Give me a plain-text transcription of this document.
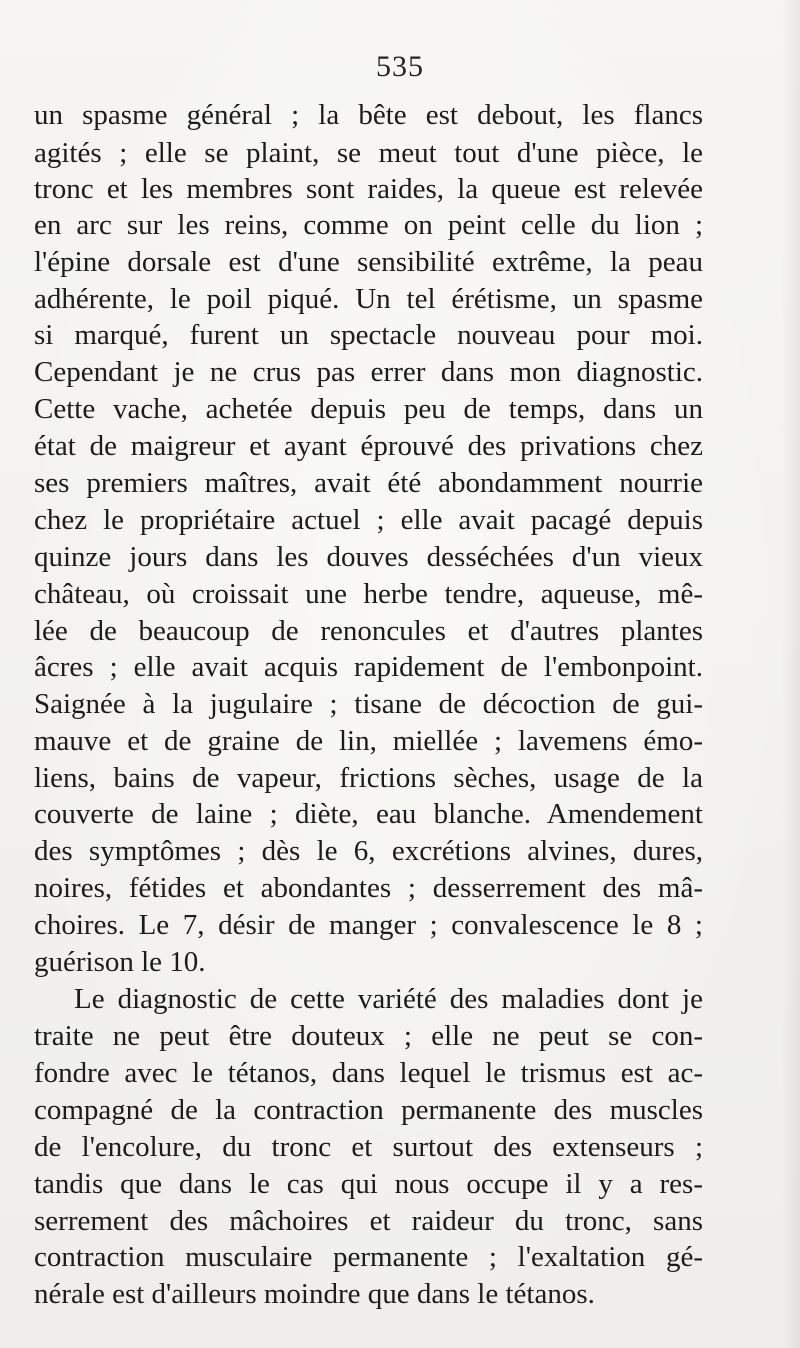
535
un spasme général ; la bête est debout, les flancs
agités ; elle se plaint, se meut tout d'une pièce, le
tronc et les membres sont raides, la queue est relevée
en arc sur les reins, comme on peint celle du lion ;
l'épine dorsale est d'une sensibilité extrême, la peau
adhérente, le poil piqué. Un tel érétisme, un spasme
si marqué, furent un spectacle nouveau pour moi.
Cependant je ne crus pas errer dans mon diagnostic.
Cette vache, achetée depuis peu de temps, dans un
état de maigreur et ayant éprouvé des privations chez
ses premiers maîtres, avait été abondamment nourrie
chez le propriétaire actuel ; elle avait pacagé depuis
quinze jours dans les douves desséchées d'un vieux
château, où croissait une herbe tendre, aqueuse, mê-
lée de beaucoup de renoncules et d'autres plantes
âcres ; elle avait acquis rapidement de l'embonpoint.
Saignée à la jugulaire ; tisane de décoction de gui-
mauve et de graine de lin, miellée ; lavemens émo-
liens, bains de vapeur, frictions sèches, usage de la
couverte de laine ; diète, eau blanche. Amendement
des symptômes ; dès le 6, excrétions alvines, dures,
noires, fétides et abondantes ; desserrement des mâ-
choires. Le 7, désir de manger ; convalescence le 8 ;
guérison le 10.
Le diagnostic de cette variété des maladies dont je
traite ne peut être douteux ; elle ne peut se con-
fondre avec le tétanos, dans lequel le trismus est ac-
compagné de la contraction permanente des muscles
de l'encolure, du tronc et surtout des extenseurs ;
tandis que dans le cas qui nous occupe il y a res-
serrement des mâchoires et raideur du tronc, sans
contraction musculaire permanente ; l'exaltation gé-
nérale est d'ailleurs moindre que dans le tétanos.
